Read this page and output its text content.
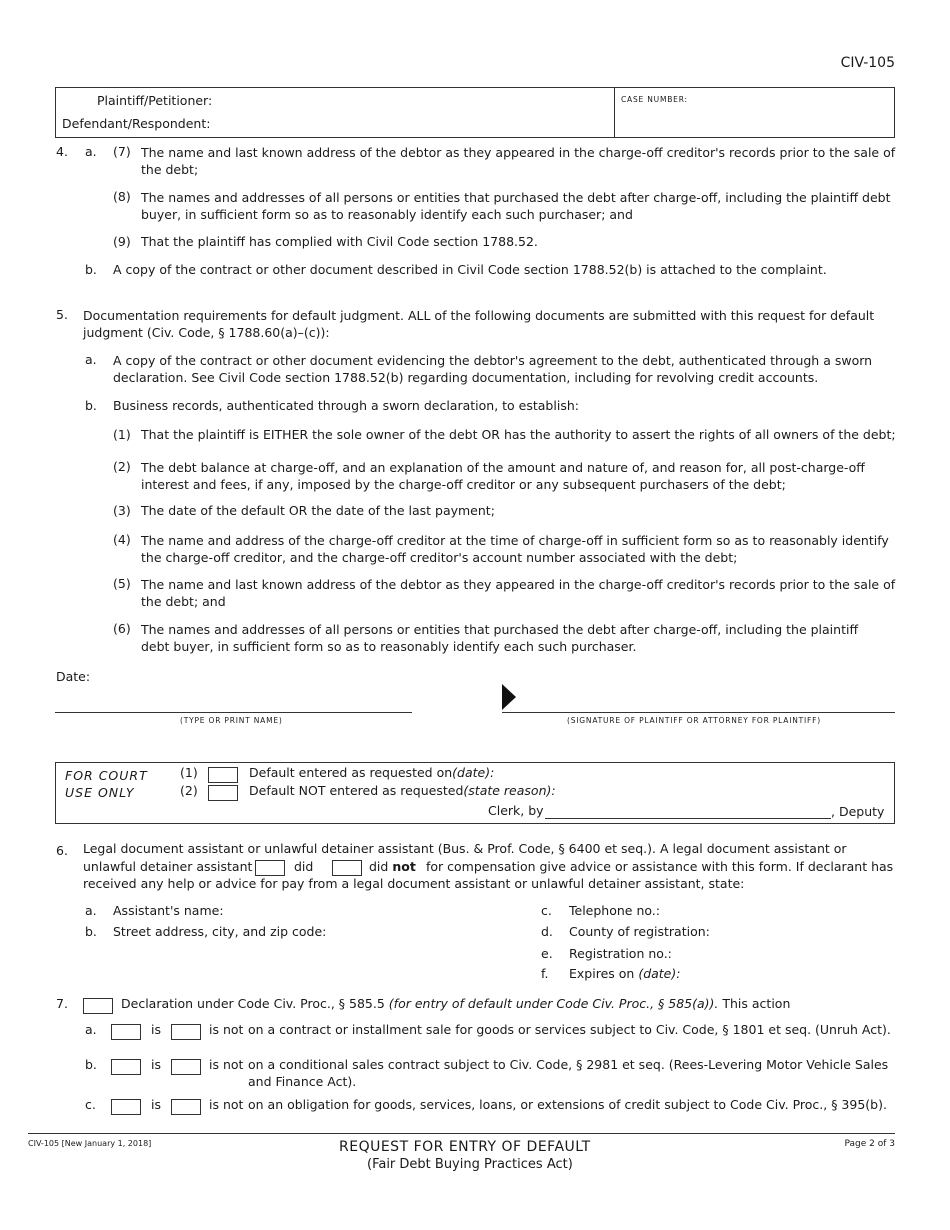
CIV-105
Plaintiff/Petitioner:
Defendant/Respondent:
CASE NUMBER:
4. a. (7) The name and last known address of the debtor as they appeared in the charge-off creditor's records prior to the sale of the debt;
(8) The names and addresses of all persons or entities that purchased the debt after charge-off, including the plaintiff debt buyer, in sufficient form so as to reasonably identify each such purchaser; and
(9) That the plaintiff has complied with Civil Code section 1788.52.
b. A copy of the contract or other document described in Civil Code section 1788.52(b) is attached to the complaint.
5. Documentation requirements for default judgment. ALL of the following documents are submitted with this request for default judgment (Civ. Code, § 1788.60(a)–(c)):
a. A copy of the contract or other document evidencing the debtor's agreement to the debt, authenticated through a sworn declaration. See Civil Code section 1788.52(b) regarding documentation, including for revolving credit accounts.
b. Business records, authenticated through a sworn declaration, to establish:
(1) That the plaintiff is EITHER the sole owner of the debt OR has the authority to assert the rights of all owners of the debt;
(2) The debt balance at charge-off, and an explanation of the amount and nature of, and reason for, all post-charge-off interest and fees, if any, imposed by the charge-off creditor or any subsequent purchasers of the debt;
(3) The date of the default OR the date of the last payment;
(4) The name and address of the charge-off creditor at the time of charge-off in sufficient form so as to reasonably identify the charge-off creditor, and the charge-off creditor's account number associated with the debt;
(5) The name and last known address of the debtor as they appeared in the charge-off creditor's records prior to the sale of the debt; and
(6) The names and addresses of all persons or entities that purchased the debt after charge-off, including the plaintiff debt buyer, in sufficient form so as to reasonably identify each such purchaser.
Date:
(TYPE OR PRINT NAME)	(SIGNATURE OF PLAINTIFF OR ATTORNEY FOR PLAINTIFF)
FOR COURT
USE ONLY
(1)	Default entered as requested on(date):
(2)	Default NOT entered as requested(state reason):
Clerk, by	, Deputy
6. Legal document assistant or unlawful detainer assistant (Bus. & Prof. Code, § 6400 et seq.). A legal document assistant or
unlawful detainer assistant	did	did not for compensation give advice or assistance with this form. If declarant has
received any help or advice for pay from a legal document assistant or unlawful detainer assistant, state:
a. Assistant's name:
b. Street address, city, and zip code:
c. Telephone no.:
d. County of registration:
e. Registration no.:
f. Expires on (date):
7.	Declaration under Code Civ. Proc., § 585.5 (for entry of default under Code Civ. Proc., § 585(a)). This action
a.	is	is not on a contract or installment sale for goods or services subject to Civ. Code, § 1801 et seq. (Unruh Act).
b.	is	is not on a conditional sales contract subject to Civ. Code, § 2981 et seq. (Rees-Levering Motor Vehicle Sales
and Finance Act).
c.	is	is not on an obligation for goods, services, loans, or extensions of credit subject to Code Civ. Proc., § 395(b).
CIV-105 [New January 1, 2018]	REQUEST FOR ENTRY OF DEFAULT
(Fair Debt Buying Practices Act)
Page 2 of 3
